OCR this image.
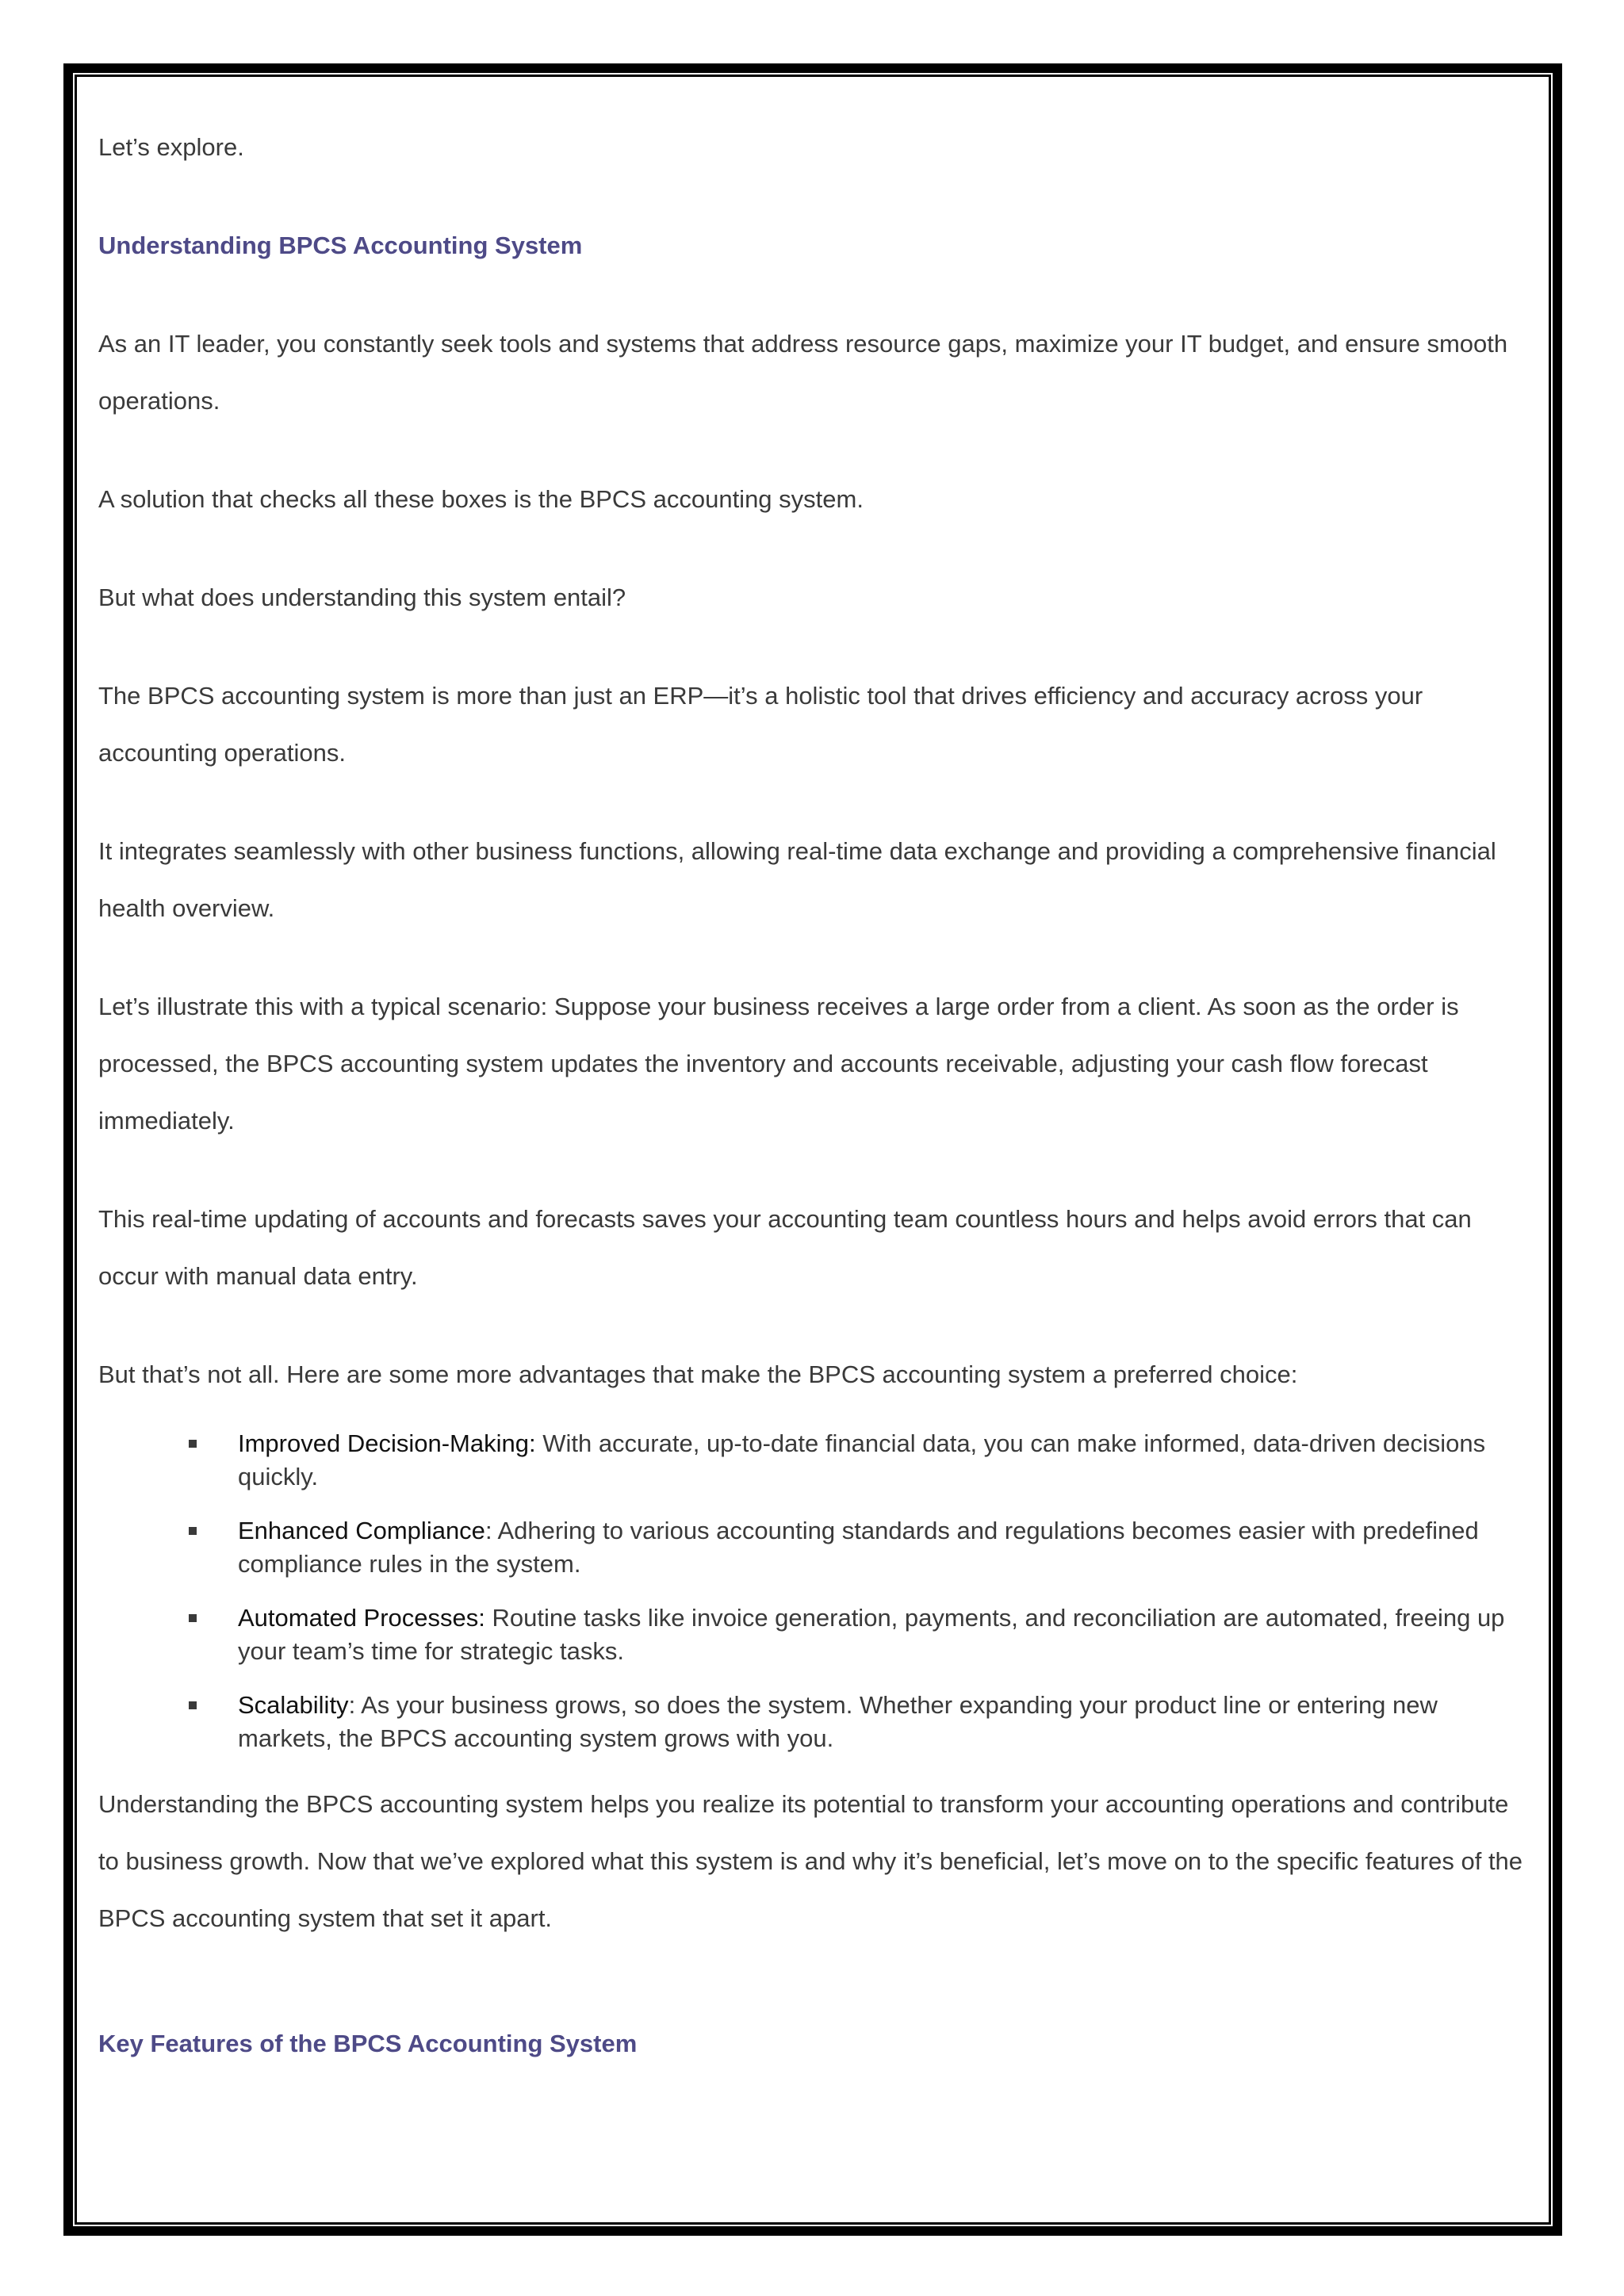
Let’s explore.

Understanding BPCS Accounting System

As an IT leader, you constantly seek tools and systems that address resource gaps, maximize your IT budget, and ensure smooth operations.

A solution that checks all these boxes is the BPCS accounting system.

But what does understanding this system entail?

The BPCS accounting system is more than just an ERP—it’s a holistic tool that drives efficiency and accuracy across your accounting operations.

It integrates seamlessly with other business functions, allowing real-time data exchange and providing a comprehensive financial health overview.

Let’s illustrate this with a typical scenario: Suppose your business receives a large order from a client. As soon as the order is processed, the BPCS accounting system updates the inventory and accounts receivable, adjusting your cash flow forecast immediately.

This real-time updating of accounts and forecasts saves your accounting team countless hours and helps avoid errors that can occur with manual data entry.

But that’s not all. Here are some more advantages that make the BPCS accounting system a preferred choice:

Improved Decision-Making: With accurate, up-to-date financial data, you can make informed, data-driven decisions quickly.
Enhanced Compliance: Adhering to various accounting standards and regulations becomes easier with predefined compliance rules in the system.
Automated Processes: Routine tasks like invoice generation, payments, and reconciliation are automated, freeing up your team’s time for strategic tasks.
Scalability: As your business grows, so does the system. Whether expanding your product line or entering new markets, the BPCS accounting system grows with you.

Understanding the BPCS accounting system helps you realize its potential to transform your accounting operations and contribute to business growth. Now that we’ve explored what this system is and why it’s beneficial, let’s move on to the specific features of the BPCS accounting system that set it apart.

Key Features of the BPCS Accounting System
